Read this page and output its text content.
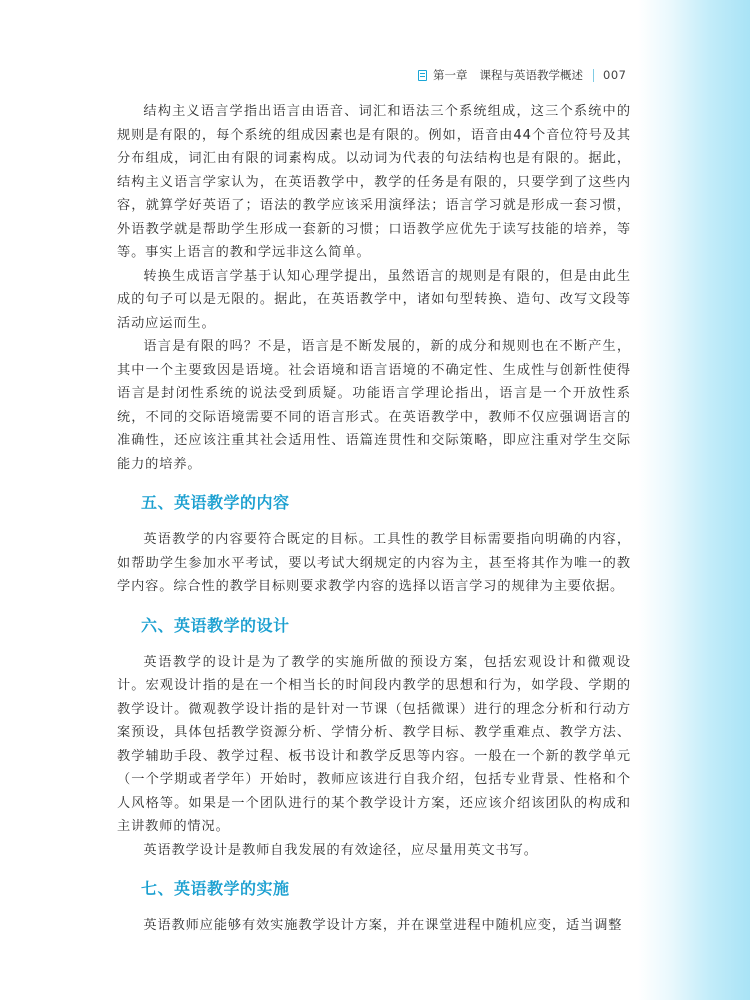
第一章 课程与英语教学概述 007

结构主义语言学指出语言由语音、词汇和语法三个系统组成，这三个系统中的规则是有限的，每个系统的组成因素也是有限的。例如，语音由44个音位符号及其分布组成，词汇由有限的词素构成。以动词为代表的句法结构也是有限的。据此，结构主义语言学家认为，在英语教学中，教学的任务是有限的，只要学到了这些内容，就算学好英语了；语法的教学应该采用演绎法；语言学习就是形成一套习惯，外语教学就是帮助学生形成一套新的习惯；口语教学应优先于读写技能的培养，等等。事实上语言的教和学远非这么简单。

转换生成语言学基于认知心理学提出，虽然语言的规则是有限的，但是由此生成的句子可以是无限的。据此，在英语教学中，诸如句型转换、造句、改写文段等活动应运而生。

语言是有限的吗？不是，语言是不断发展的，新的成分和规则也在不断产生，其中一个主要致因是语境。社会语境和语言语境的不确定性、生成性与创新性使得语言是封闭性系统的说法受到质疑。功能语言学理论指出，语言是一个开放性系统，不同的交际语境需要不同的语言形式。在英语教学中，教师不仅应强调语言的准确性，还应该注重其社会适用性、语篇连贯性和交际策略，即应注重对学生交际能力的培养。

五、英语教学的内容

英语教学的内容要符合既定的目标。工具性的教学目标需要指向明确的内容，如帮助学生参加水平考试，要以考试大纲规定的内容为主，甚至将其作为唯一的教学内容。综合性的教学目标则要求教学内容的选择以语言学习的规律为主要依据。

六、英语教学的设计

英语教学的设计是为了教学的实施所做的预设方案，包括宏观设计和微观设计。宏观设计指的是在一个相当长的时间段内教学的思想和行为，如学段、学期的教学设计。微观教学设计指的是针对一节课（包括微课）进行的理念分析和行动方案预设，具体包括教学资源分析、学情分析、教学目标、教学重难点、教学方法、教学辅助手段、教学过程、板书设计和教学反思等内容。一般在一个新的教学单元（一个学期或者学年）开始时，教师应该进行自我介绍，包括专业背景、性格和个人风格等。如果是一个团队进行的某个教学设计方案，还应该介绍该团队的构成和主讲教师的情况。

英语教学设计是教师自我发展的有效途径，应尽量用英文书写。

七、英语教学的实施

英语教师应能够有效实施教学设计方案，并在课堂进程中随机应变，适当调整
